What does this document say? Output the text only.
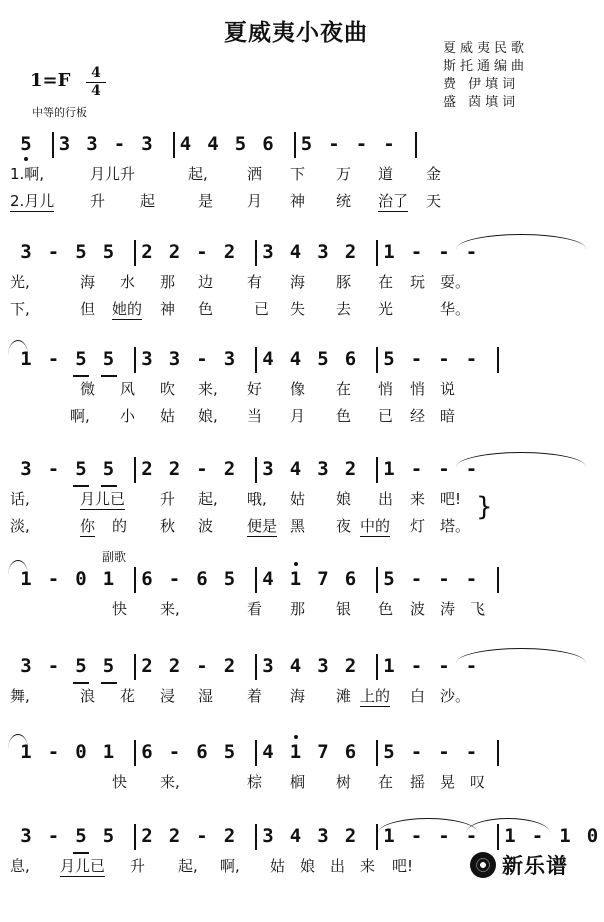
夏威夷小夜曲
夏威夷民歌
斯托通编曲
费 伊填词
盛 茵填词
1=F	4
4
中等的行板
5 3 3 - 3 4 4 5 6 5 - - -
1.啊,	月儿升	起,	洒 下 万 道 金
2.月儿 升 起	是 月 神 统 治了 天
3 - 5 5 2 2 - 2 3 4 3 2 1 - - -
光,	海 水 那 边 有 海 豚 在 玩 耍。
下,	但 她的 神 色	已 失 去 光	华。
1 - 5 5 3 3 - 3 4 4 5 6 5 - - -
微 风 吹 来, 好 像 在 悄 悄 说
啊, 小 姑 娘, 当 月 色 已 经 暗
3 - 5 5 2 2 - 2 3 4 3 2 1 - - -
话,	月儿已 升 起, 哦, 姑 娘 出 来 吧!
淡,	你 的 秋 波 便是 黑 夜 中的 灯 塔。
1 - 0 1 6 - 6 5 4 1 7 6 5 - - -
快 来,	看 那 银 色 波 涛 飞
3 - 5 5 2 2 - 2 3 4 3 2 1 - - -
舞,	浪 花 浸 湿 着 海 滩 上的 白 沙。
1 - 0 1 6 - 6 5 4 1 7 6 5 - - -
快 来,	棕 榈 树 在 摇 晃 叹
3 - 5 5 2 2 - 2 3 4 3 2 1 - - - 1 - 1 0
息, 月儿已 升 起, 啊, 姑 娘 出 来 吧!
}
副歌
新乐谱
